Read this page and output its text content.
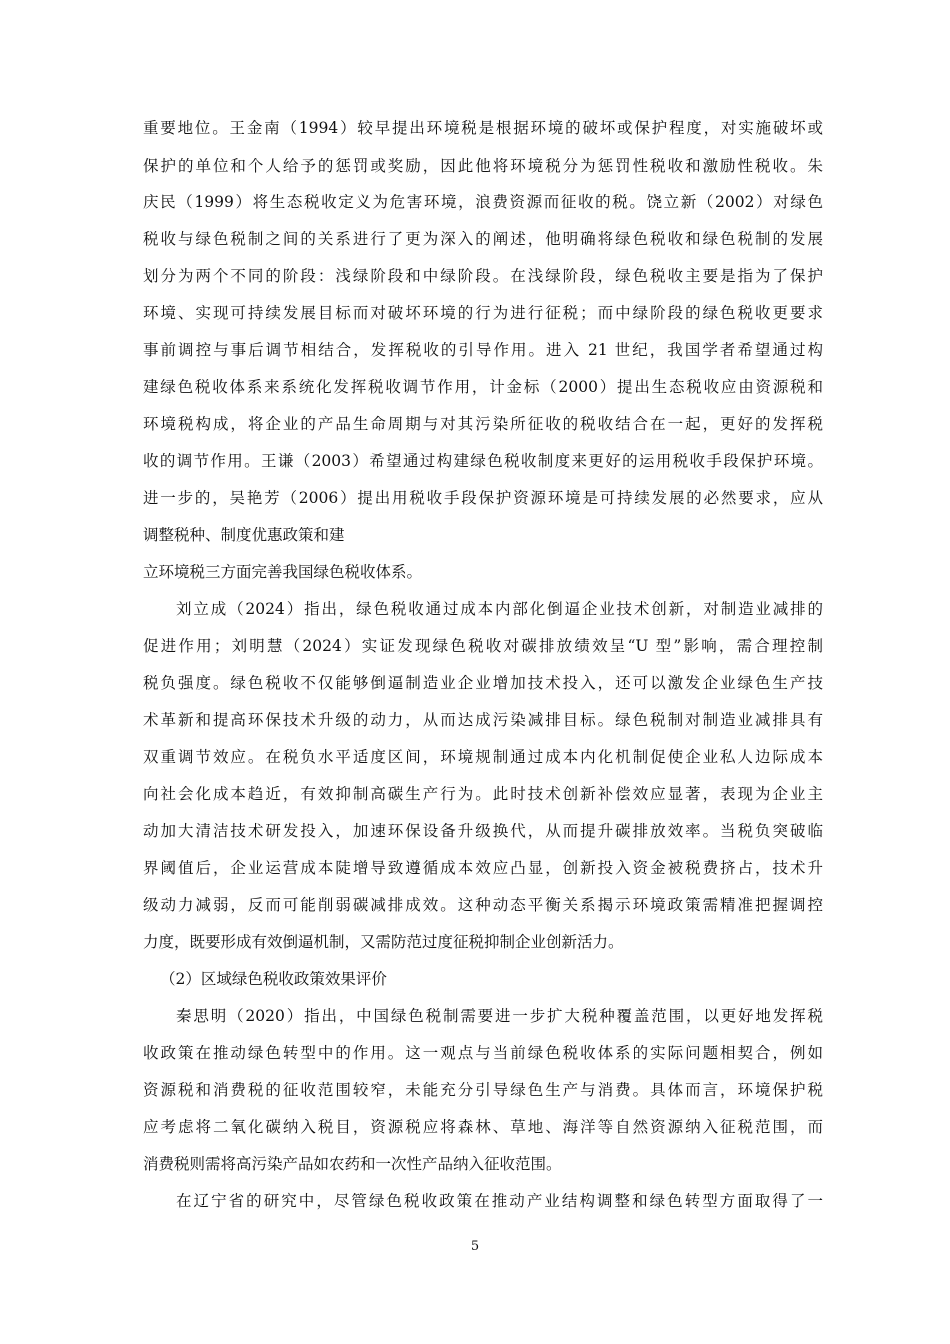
重要地位。王金南（1994）较早提出环境税是根据环境的破坏或保护程度，对实施破坏或
保护的单位和个人给予的惩罚或奖励，因此他将环境税分为惩罚性税收和激励性税收。朱
庆民（1999）将生态税收定义为危害环境，浪费资源而征收的税。饶立新（2002）对绿色
税收与绿色税制之间的关系进行了更为深入的阐述，他明确将绿色税收和绿色税制的发展
划分为两个不同的阶段：浅绿阶段和中绿阶段。在浅绿阶段，绿色税收主要是指为了保护
环境、实现可持续发展目标而对破坏环境的行为进行征税；而中绿阶段的绿色税收更要求
事前调控与事后调节相结合，发挥税收的引导作用。进入 21 世纪，我国学者希望通过构
建绿色税收体系来系统化发挥税收调节作用，计金标（2000）提出生态税收应由资源税和
环境税构成，将企业的产品生命周期与对其污染所征收的税收结合在一起，更好的发挥税
收的调节作用。王谦（2003）希望通过构建绿色税收制度来更好的运用税收手段保护环境。
进一步的，吴艳芳（2006）提出用税收手段保护资源环境是可持续发展的必然要求，应从
调整税种、制度优惠政策和建
立环境税三方面完善我国绿色税收体系。
刘立成（2024）指出，绿色税收通过成本内部化倒逼企业技术创新，对制造业减排的
促进作用；刘明慧（2024）实证发现绿色税收对碳排放绩效呈“U 型”影响，需合理控制
税负强度。绿色税收不仅能够倒逼制造业企业增加技术投入，还可以激发企业绿色生产技
术革新和提高环保技术升级的动力，从而达成污染减排目标。绿色税制对制造业减排具有
双重调节效应。在税负水平适度区间，环境规制通过成本内化机制促使企业私人边际成本
向社会化成本趋近，有效抑制高碳生产行为。此时技术创新补偿效应显著，表现为企业主
动加大清洁技术研发投入，加速环保设备升级换代，从而提升碳排放效率。当税负突破临
界阈值后，企业运营成本陡增导致遵循成本效应凸显，创新投入资金被税费挤占，技术升
级动力减弱，反而可能削弱碳减排成效。这种动态平衡关系揭示环境政策需精准把握调控
力度，既要形成有效倒逼机制，又需防范过度征税抑制企业创新活力。
（2）区域绿色税收政策效果评价
秦思明（2020）指出，中国绿色税制需要进一步扩大税种覆盖范围，以更好地发挥税
收政策在推动绿色转型中的作用。这一观点与当前绿色税收体系的实际问题相契合，例如
资源税和消费税的征收范围较窄，未能充分引导绿色生产与消费。具体而言，环境保护税
应考虑将二氧化碳纳入税目，资源税应将森林、草地、海洋等自然资源纳入征税范围，而
消费税则需将高污染产品如农药和一次性产品纳入征收范围。
在辽宁省的研究中，尽管绿色税收政策在推动产业结构调整和绿色转型方面取得了一
5
